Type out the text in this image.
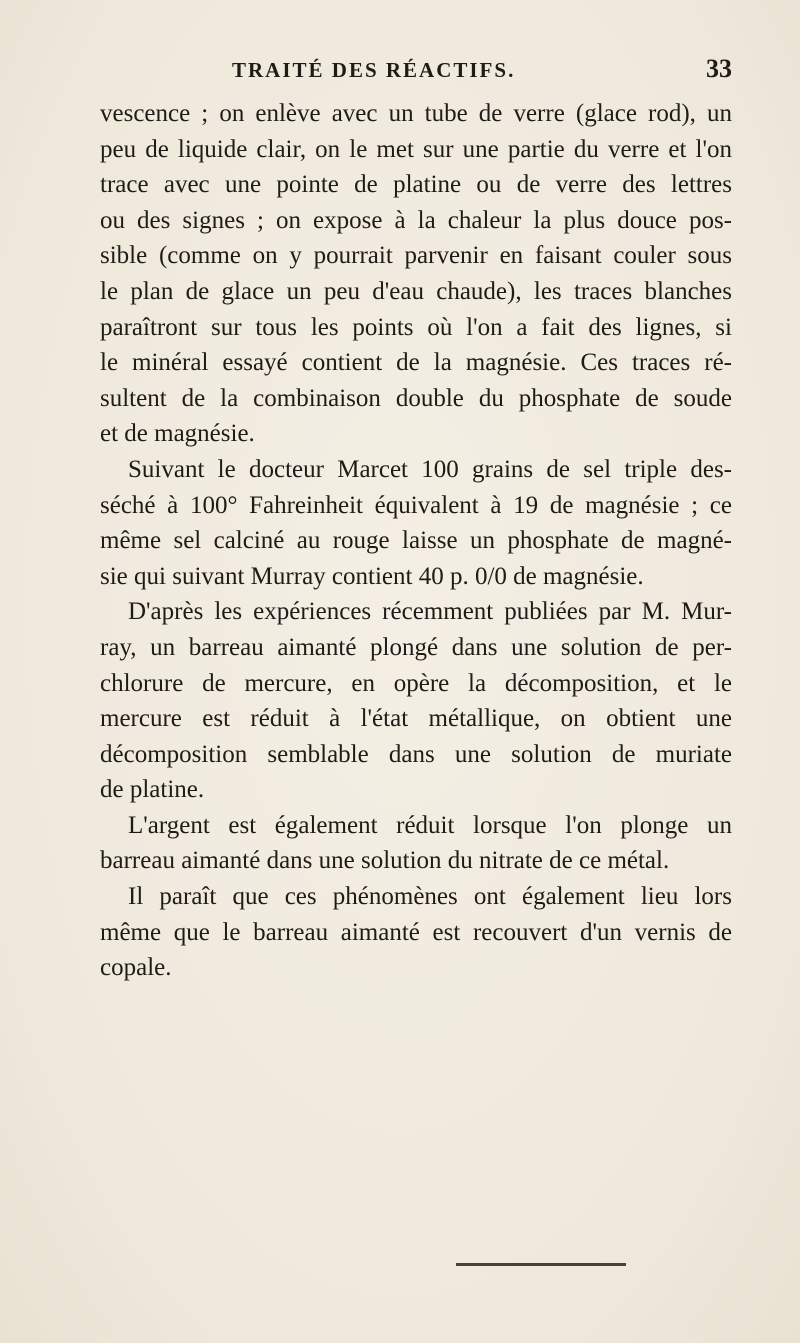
TRAITÉ DES RÉACTIFS.	33
vescence ; on enlève avec un tube de verre (glace rod), un
peu de liquide clair, on le met sur une partie du verre et l'on
trace avec une pointe de platine ou de verre des lettres
ou des signes ; on expose à la chaleur la plus douce pos-
sible (comme on y pourrait parvenir en faisant couler sous
le plan de glace un peu d'eau chaude), les traces blanches
paraîtront sur tous les points où l'on a fait des lignes, si
le minéral essayé contient de la magnésie. Ces traces ré-
sultent de la combinaison double du phosphate de soude
et de magnésie.
Suivant le docteur Marcet 100 grains de sel triple des-
séché à 100° Fahreinheit équivalent à 19 de magnésie ; ce
même sel calciné au rouge laisse un phosphate de magné-
sie qui suivant Murray contient 40 p. 0/0 de magnésie.
D'après les expériences récemment publiées par M. Mur-
ray, un barreau aimanté plongé dans une solution de per-
chlorure de mercure, en opère la décomposition, et le
mercure est réduit à l'état métallique, on obtient une
décomposition semblable dans une solution de muriate
de platine.
L'argent est également réduit lorsque l'on plonge un
barreau aimanté dans une solution du nitrate de ce métal.
Il paraît que ces phénomènes ont également lieu lors
même que le barreau aimanté est recouvert d'un vernis de
copale.
